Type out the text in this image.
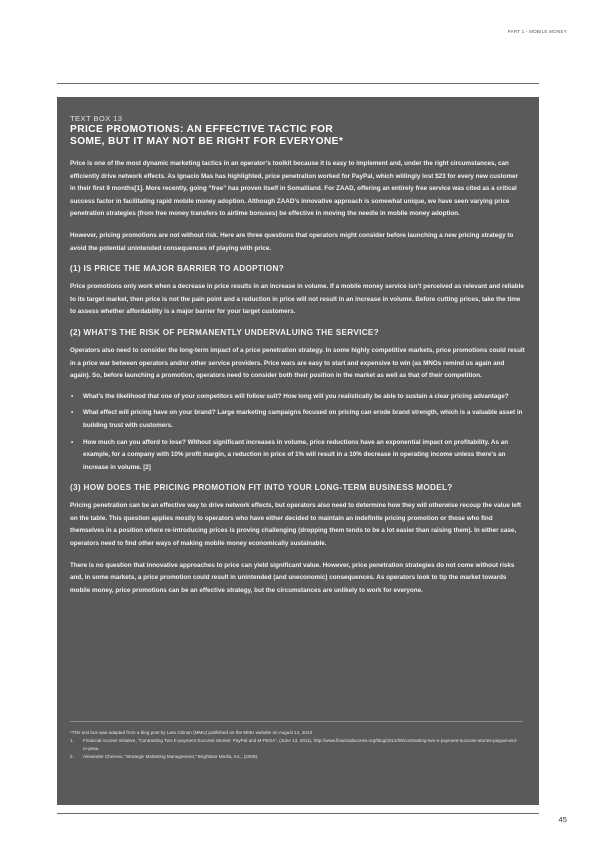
PART 1 - MOBILE MONEY
TEXT BOX 13
PRICE PROMOTIONS: AN EFFECTIVE TACTIC FOR SOME, BUT IT MAY NOT BE RIGHT FOR EVERYONE*

Price is one of the most dynamic marketing tactics in an operator’s toolkit because it is easy to implement and, under the right circumstances, can efficiently drive network effects. As Ignacio Mas has highlighted, price penetration worked for PayPal, which willingly lost $23 for every new customer in their first 9 months[1]. More recently, going “free” has proven itself in Somaliland. For ZAAD, offering an entirely free service was cited as a critical success factor in facilitating rapid mobile money adoption. Although ZAAD’s innovative approach is somewhat unique, we have seen varying price penetration strategies (from free money transfers to airtime bonuses) be effective in moving the needle in mobile money adoption.

However, pricing promotions are not without risk. Here are three questions that operators might consider before launching a new pricing strategy to avoid the potential unintended consequences of playing with price.

(1) IS PRICE THE MAJOR BARRIER TO ADOPTION?

Price promotions only work when a decrease in price results in an increase in volume. If a mobile money service isn’t perceived as relevant and reliable to its target market, then price is not the pain point and a reduction in price will not result in an increase in volume. Before cutting prices, take the time to assess whether affordability is a major barrier for your target customers.

(2) WHAT’S THE RISK OF PERMANENTLY UNDERVALUING THE SERVICE?

Operators also need to consider the long-term impact of a price penetration strategy. In some highly competitive markets, price promotions could result in a price war between operators and/or other service providers. Price wars are easy to start and expensive to win (as MNOs remind us again and again). So, before launching a promotion, operators need to consider both their position in the market as well as that of their competition.

• What’s the likelihood that one of your competitors will follow suit? How long will you realistically be able to sustain a clear pricing advantage?
• What effect will pricing have on your brand? Large marketing campaigns focused on pricing can erode brand strength, which is a valuable asset in building trust with customers.
• How much can you afford to lose? Without significant increases in volume, price reductions have an exponential impact on profitability. As an example, for a company with 10% profit margin, a reduction in price of 1% will result in a 10% decrease in operating income unless there’s an increase in volume. [2]
(3) HOW DOES THE PRICING PROMOTION FIT INTO YOUR LONG-TERM BUSINESS MODEL?

Pricing penetration can be an effective way to drive network effects, but operators also need to determine how they will otherwise recoup the value left on the table. This question applies mostly to operators who have either decided to maintain an indefinite pricing promotion or those who find themselves in a position where re-introducing prices is proving challenging (dropping them tends to be a lot easier than raising them). In either case, operators need to find other ways of making mobile money economically sustainable.

There is no question that innovative approaches to price can yield significant value. However, price penetration strategies do not come without risks and, in some markets, a price promotion could result in unintended (and uneconomic) consequences. As operators look to tip the market towards mobile money, price promotions can be an effective strategy, but the circumstances are unlikely to work for everyone.

*This text box was adapted from a blog post by Lara Gilman (MMU) published on the MMU website on August 12, 2013

1. Financial Access Initiative, “Contrasting Two E-payment Success Stories: PayPal and M-PESA”, (June 13, 2011), http://www.financialaccess.org/blog/2011/06/contrasting-two-e-payment-success-stories-paypal-and-m-pesa

2. Alexander Chernev, “Strategic Marketing Management,” Brightstar Media, Inc., (2008).

45
